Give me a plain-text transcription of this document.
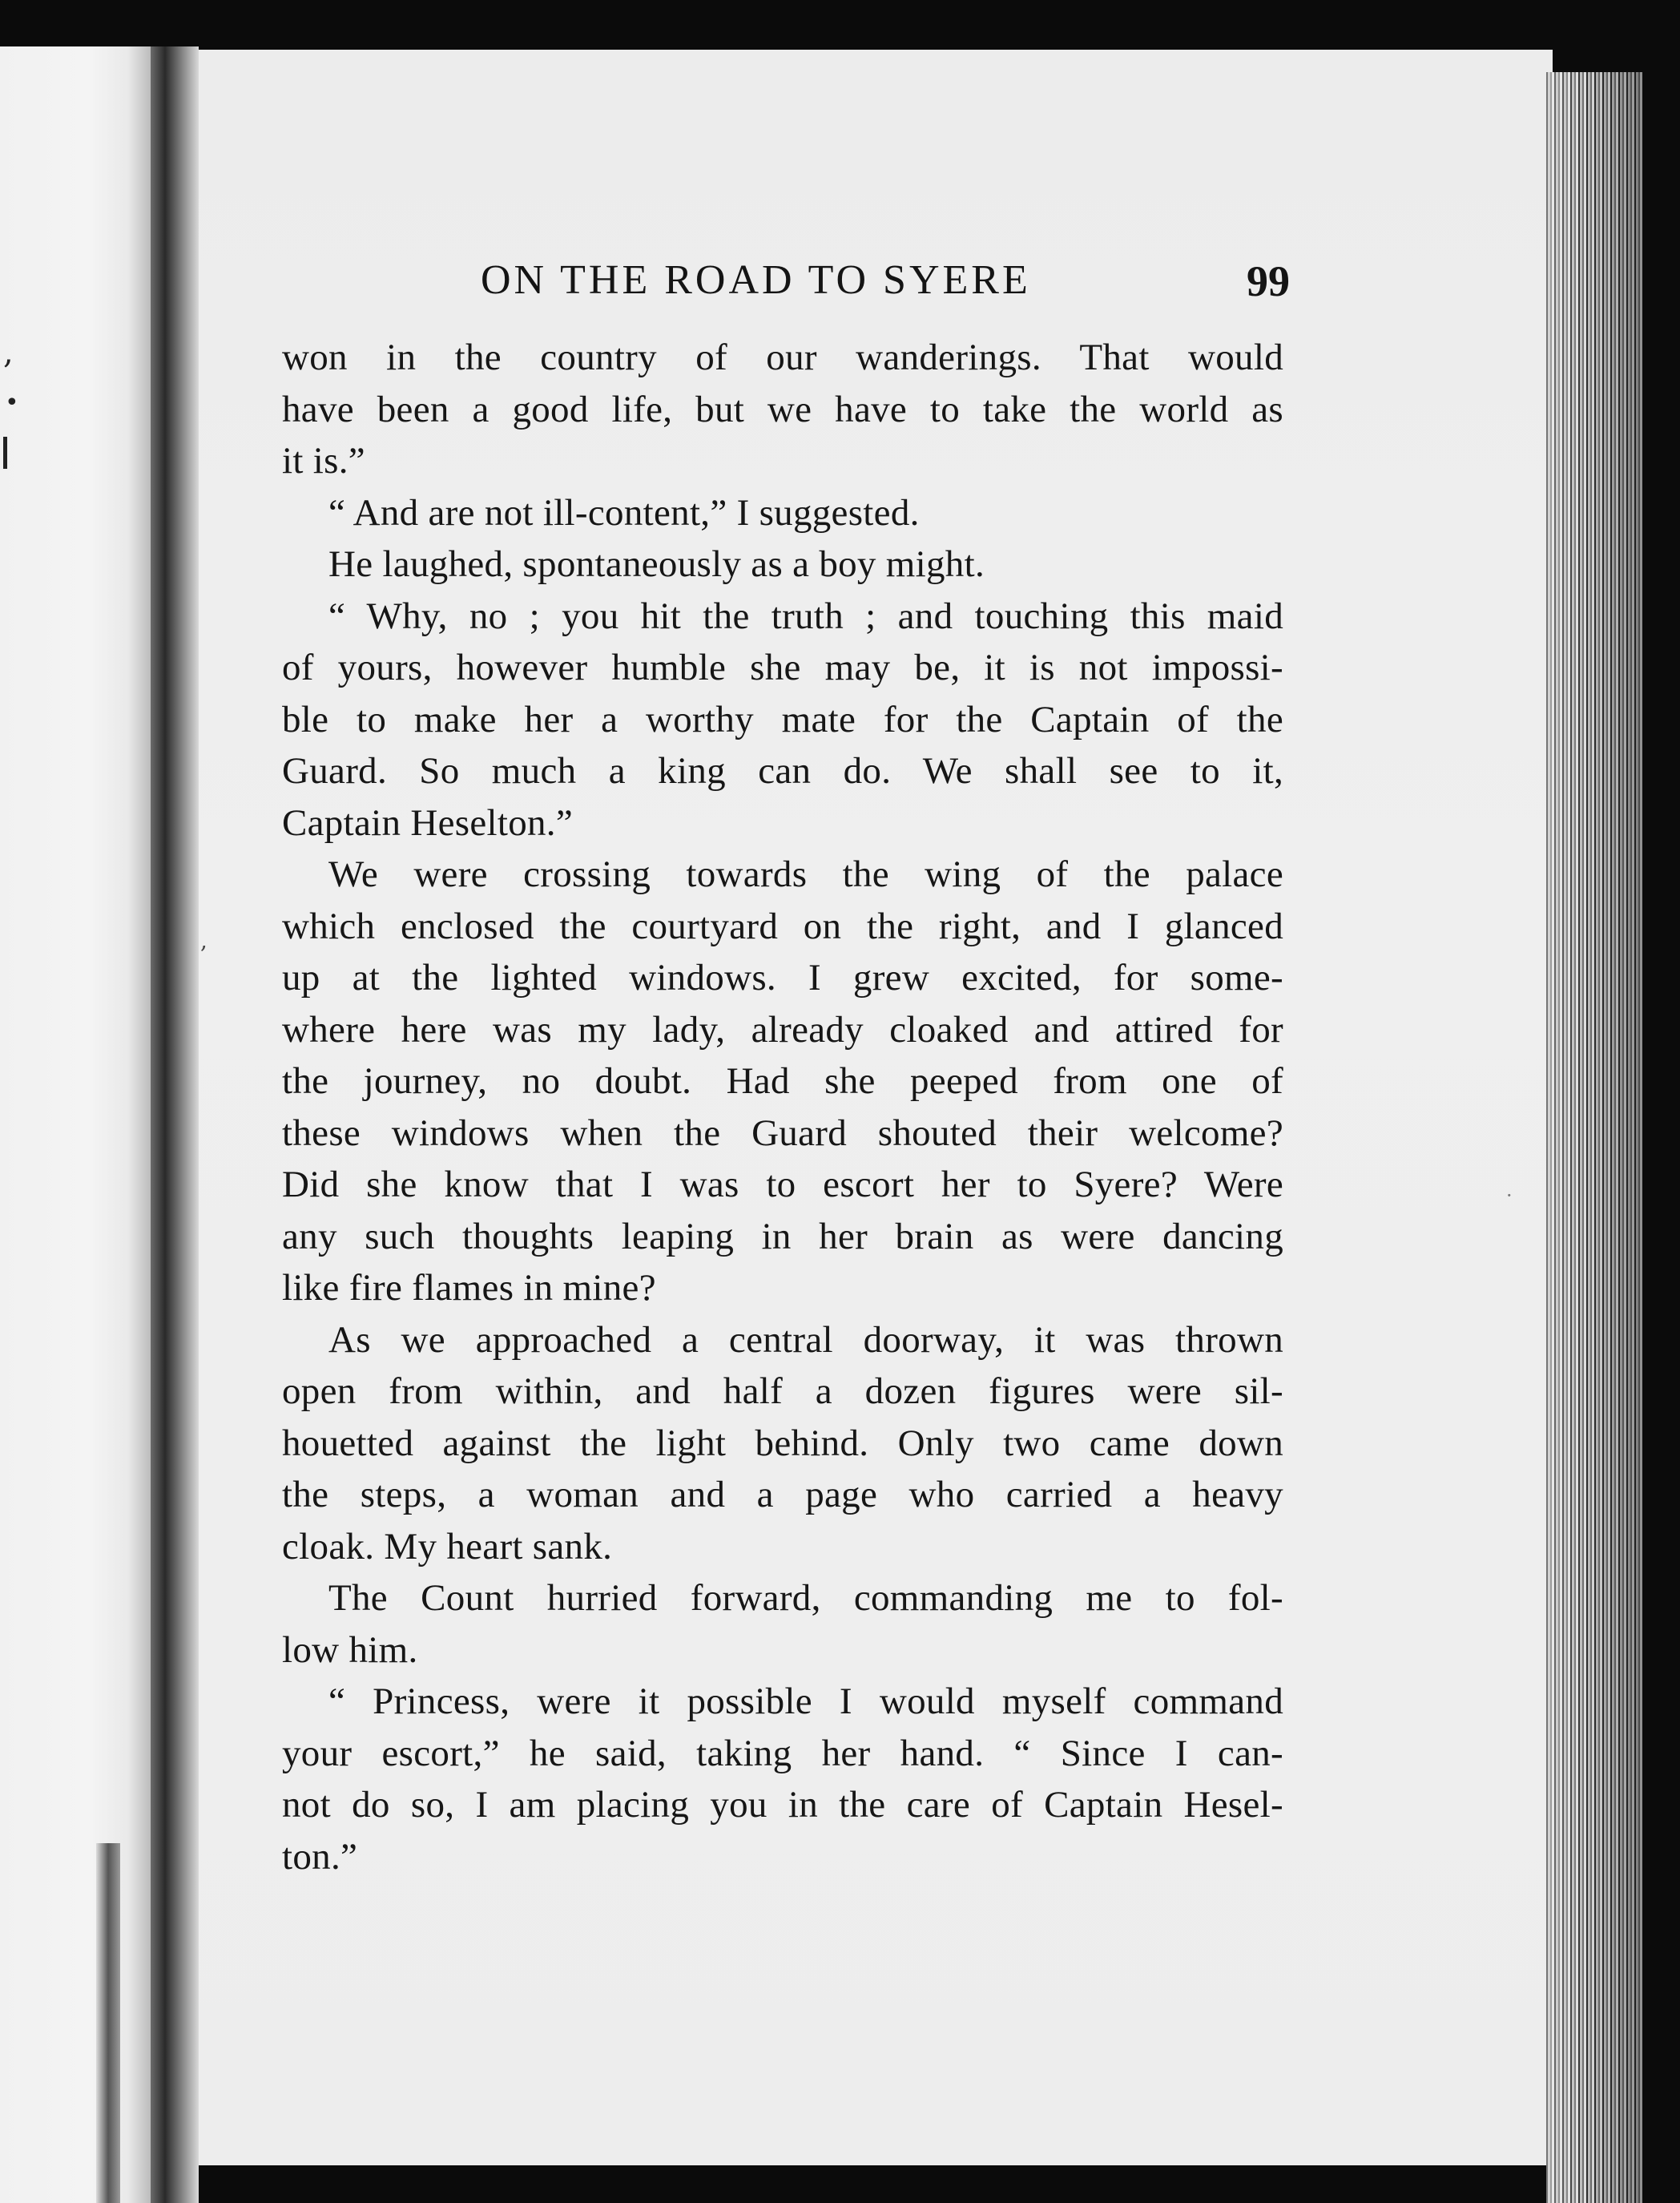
,
•
,
·
ON THE ROAD TO SYERE	99
won in the country of our wanderings. That would
have been a good life, but we have to take the world as
it is.”
“ And are not ill-content,” I suggested.
He laughed, spontaneously as a boy might.
“ Why, no ; you hit the truth ; and touching this maid
of yours, however humble she may be, it is not impossi-
ble to make her a worthy mate for the Captain of the
Guard. So much a king can do. We shall see to it,
Captain Heselton.”
We were crossing towards the wing of the palace
which enclosed the courtyard on the right, and I glanced
up at the lighted windows. I grew excited, for some-
where here was my lady, already cloaked and attired for
the journey, no doubt. Had she peeped from one of
these windows when the Guard shouted their welcome?
Did she know that I was to escort her to Syere? Were
any such thoughts leaping in her brain as were dancing
like fire flames in mine?
As we approached a central doorway, it was thrown
open from within, and half a dozen figures were sil-
houetted against the light behind. Only two came down
the steps, a woman and a page who carried a heavy
cloak. My heart sank.
The Count hurried forward, commanding me to fol-
low him.
“ Princess, were it possible I would myself command
your escort,” he said, taking her hand. “ Since I can-
not do so, I am placing you in the care of Captain Hesel-
ton.”
